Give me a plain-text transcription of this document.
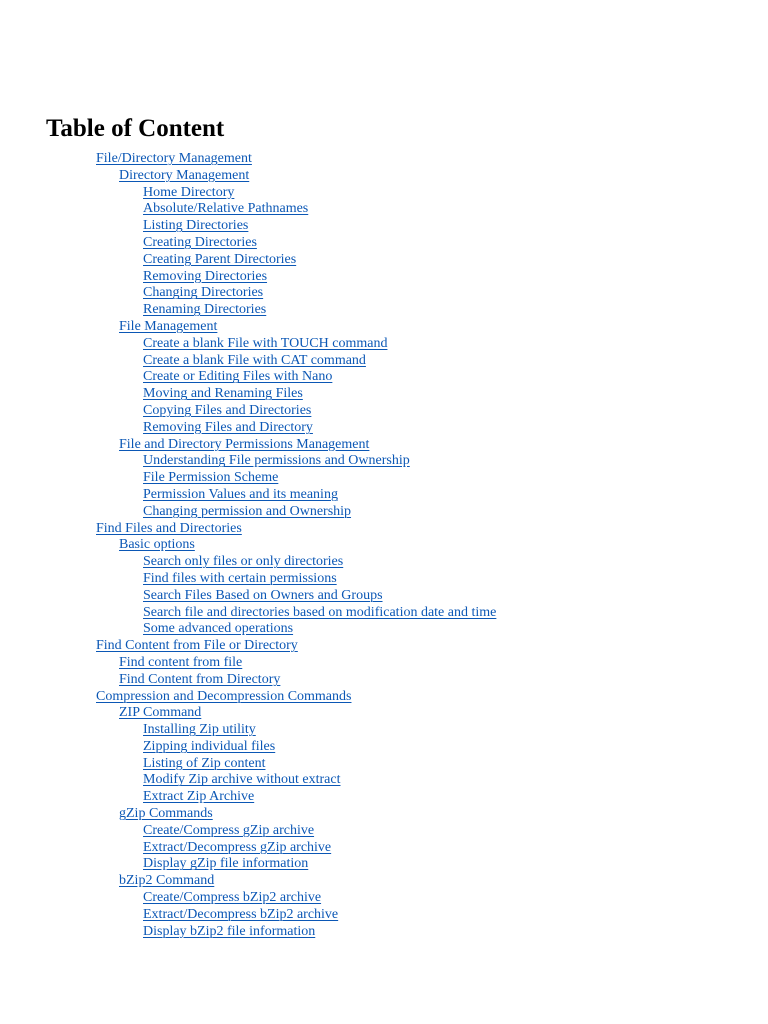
Table of Content
File/Directory Management
Directory Management
Home Directory
Absolute/Relative Pathnames
Listing Directories
Creating Directories
Creating Parent Directories
Removing Directories
Changing Directories
Renaming Directories
File Management
Create a blank File with TOUCH command
Create a blank File with CAT command
Create or Editing Files with Nano
Moving and Renaming Files
Copying Files and Directories
Removing Files and Directory
File and Directory Permissions Management
Understanding File permissions and Ownership
File Permission Scheme
Permission Values and its meaning
Changing permission and Ownership
Find Files and Directories
Basic options
Search only files or only directories
Find files with certain permissions
Search Files Based on Owners and Groups
Search file and directories based on modification date and time
Some advanced operations
Find Content from File or Directory
Find content from file
Find Content from Directory
Compression and Decompression Commands
ZIP Command
Installing Zip utility
Zipping individual files
Listing of Zip content
Modify Zip archive without extract
Extract Zip Archive
gZip Commands
Create/Compress gZip archive
Extract/Decompress gZip archive
Display gZip file information
bZip2 Command
Create/Compress bZip2 archive
Extract/Decompress bZip2 archive
Display bZip2 file information
